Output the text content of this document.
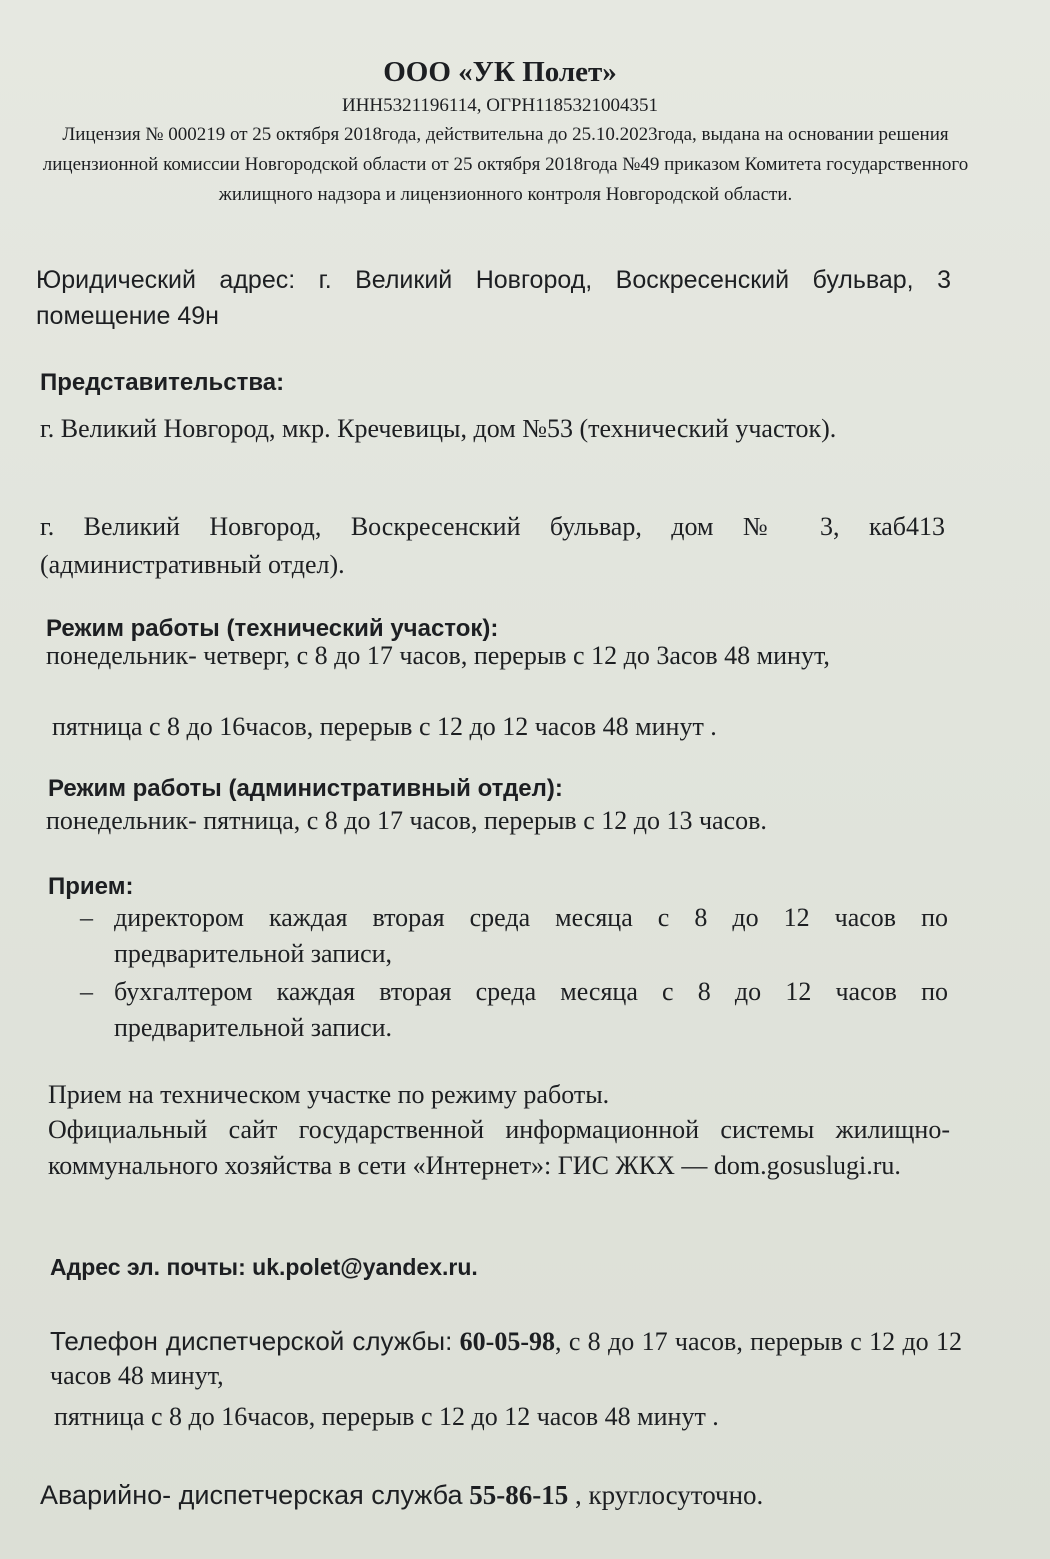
ООО «УК Полет»
ИНН5321196114, ОГРН1185321004351
Лицензия № 000219 от 25 октября 2018года, действительна до 25.10.2023года, выдана на основании решения лицензионной комиссии Новгородской области от 25 октября 2018года №49 приказом Комитета государственного жилищного надзора и лицензионного контроля Новгородской области.
Юридический адрес: г. Великий Новгород, Воскресенский бульвар, 3 помещение 49н
Представительства:
г. Великий Новгород, мкр. Кречевицы, дом №53 (технический участок).
г. Великий Новгород, Воскресенский бульвар, дом № 3, каб413 (административный отдел).
Режим работы (технический участок):
понедельник- четверг, с 8 до 17 часов, перерыв с 12 до 3асов 48 минут,
пятница с 8 до 16часов, перерыв с 12 до 12 часов 48 минут .
Режим работы (административный отдел):
понедельник- пятница, с 8 до 17 часов, перерыв с 12 до 13 часов.
Прием:
– директором каждая вторая среда месяца с 8 до 12 часов по предварительной записи,
– бухгалтером каждая вторая среда месяца с 8 до 12 часов по предварительной записи.
Прием на техническом участке по режиму работы.
Официальный сайт государственной информационной системы жилищно- коммунального хозяйства в сети «Интернет»: ГИС ЖКХ — dom.gosuslugi.ru.
Адрес эл. почты: uk.polet@yandex.ru.
Телефон диспетчерской службы: 60-05-98, с 8 до 17 часов, перерыв с 12 до 12 часов 48 минут,
пятница с 8 до 16часов, перерыв с 12 до 12 часов 48 минут .
Аварийно- диспетчерская служба 55-86-15 , круглосуточно.
